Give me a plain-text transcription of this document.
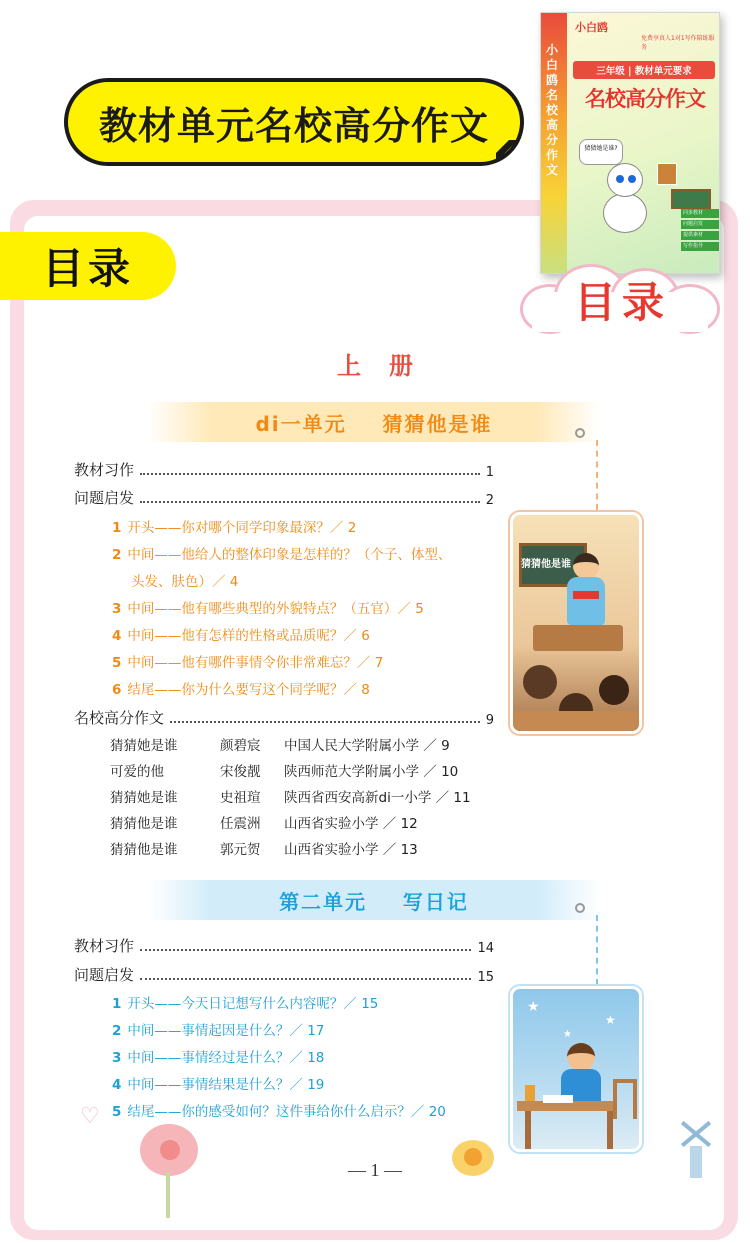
教材单元名校高分作文
小白鸥名校高分作文
小白鸥
免费享真人1对1写作陪练服务
三年级 | 教材单元要求
名校高分作文
猜猜她是谁?
同步教材
问题启发
提供素材
写作指导
目录
目录
上册
di一单元    猜猜他是谁
教材习作	1
问题启发	2
1 开头——你对哪个同学印象最深？／ 2
2 中间——他给人的整体印象是怎样的？（个子、体型、
头发、肤色）／ 4
3 中间——他有哪些典型的外貌特点？（五官）／ 5
4 中间——他有怎样的性格或品质呢？／ 6
5 中间——他有哪件事情令你非常难忘？／ 7
6 结尾——你为什么要写这个同学呢？／ 8
名校高分作文	9
猜猜她是谁	颜碧宸 中国人民大学附属小学 ／ 9
可爱的他	宋俊靓 陕西师范大学附属小学 ／ 10
猜猜她是谁	史祖瑄 陕西省西安高新di一小学 ／ 11
猜猜他是谁	任震洲 山西省实验小学 ／ 12
猜猜他是谁	郭元贺 山西省实验小学 ／ 13
猜猜他是谁
第二单元    写日记
教材习作	14
问题启发	15
1 开头——今天日记想写什么内容呢？／ 15
2 中间——事情起因是什么？／ 17
3 中间——事情经过是什么？／ 18
4 中间——事情结果是什么？／ 19
5 结尾——你的感受如何？这件事给你什么启示？／ 20
★
★
★
♡
— 1 —
